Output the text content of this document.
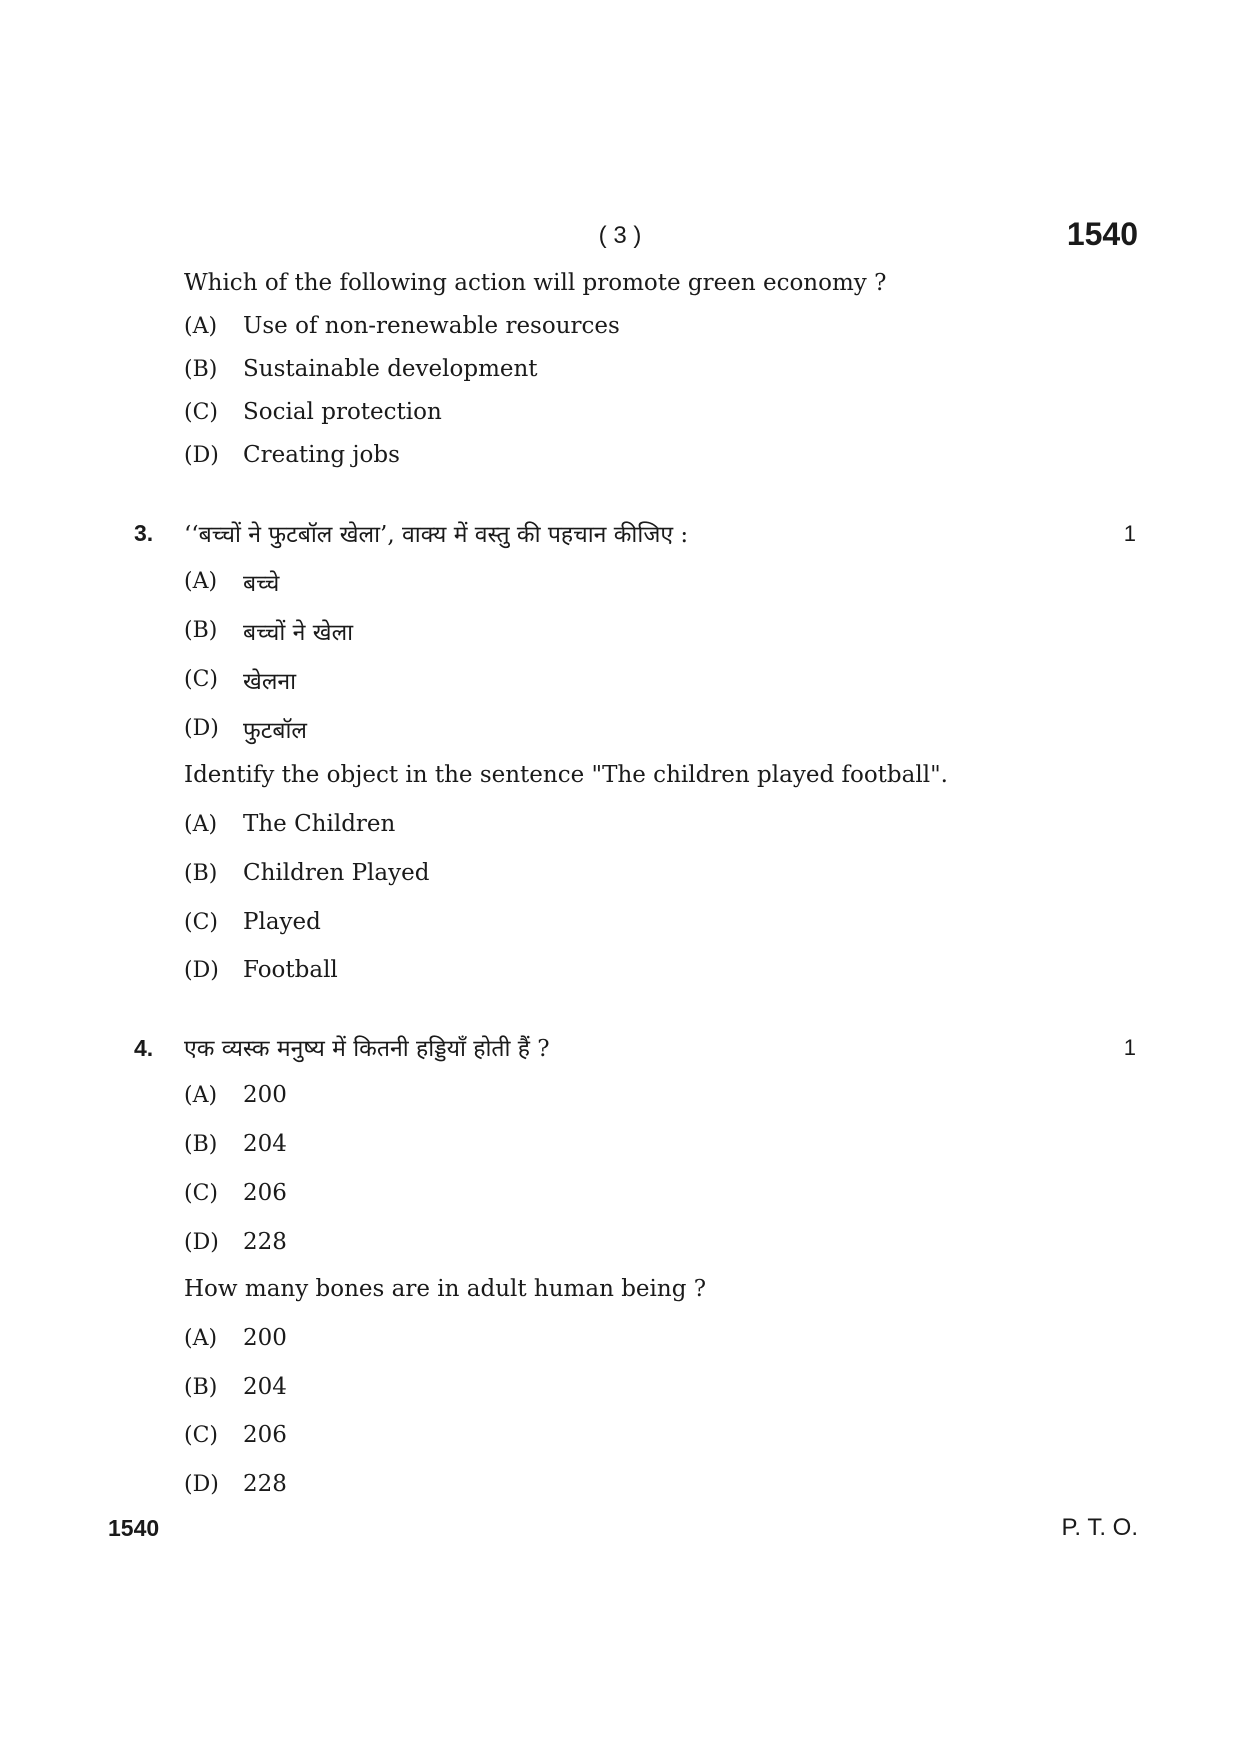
( 3 )	1540
Which of the following action will promote green economy ?
(A) Use of non-renewable resources
(B) Sustainable development
(C) Social protection
(D) Creating jobs
3. ‘‘बच्चों ने फुटबॉल खेला’, वाक्य में वस्तु की पहचान कीजिए :	1
(A) बच्चे
(B) बच्चों ने खेला
(C) खेलना
(D) फुटबॉल
Identify the object in the sentence "The children played football".
(A) The Children
(B) Children Played
(C) Played
(D) Football
4. एक व्यस्क मनुष्य में कितनी हड्डियाँ होती हैं ?	1
(A) 200
(B) 204
(C) 206
(D) 228
How many bones are in adult human being ?
(A) 200
(B) 204
(C) 206
(D) 228
1540	P. T. O.
